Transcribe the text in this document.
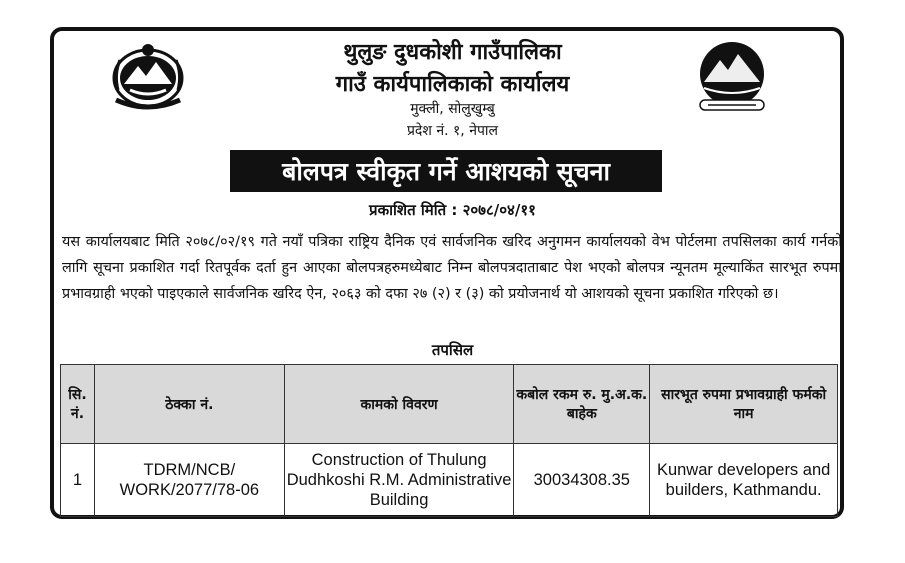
थुलुङ दुधकोशी गाउँपालिका
गाउँ कार्यपालिकाको कार्यालय
मुक्ली, सोलुखुम्बु
प्रदेश नं. १, नेपाल
बोलपत्र स्वीकृत गर्ने आशयको सूचना
प्रकाशित मिति : २०७८/०४/११
यस कार्यालयबाट मिति २०७८/०२/१९ गते नयाँ पत्रिका राष्ट्रिय दैनिक एवं सार्वजनिक खरिद अनुगमन कार्यालयको वेभ पोर्टलमा तपसिलका कार्य गर्नको लागि सूचना प्रकाशित गर्दा रितपूर्वक दर्ता हुन आएका बोलपत्रहरुमध्येबाट निम्न बोलपत्रदाताबाट पेश भएको बोलपत्र न्यूनतम मूल्याकिंत सारभूत रुपमा प्रभावग्राही भएको पाइएकाले सार्वजनिक खरिद ऐन, २०६३ को दफा २७ (२) र (३) को प्रयोजनार्थ यो आशयको सूचना प्रकाशित गरिएको छ।
तपसिल
सि. नं.	ठेक्का नं.	कामको विवरण	कबोल रकम रु. मु.अ.क. बाहेक	सारभूत रुपमा प्रभावग्राही फर्मको नाम
1	TDRM/NCB/ WORK/2077/78-06	Construction of Thulung Dudhkoshi R.M. Administrative Building	30034308.35	Kunwar developers and builders, Kathmandu.
